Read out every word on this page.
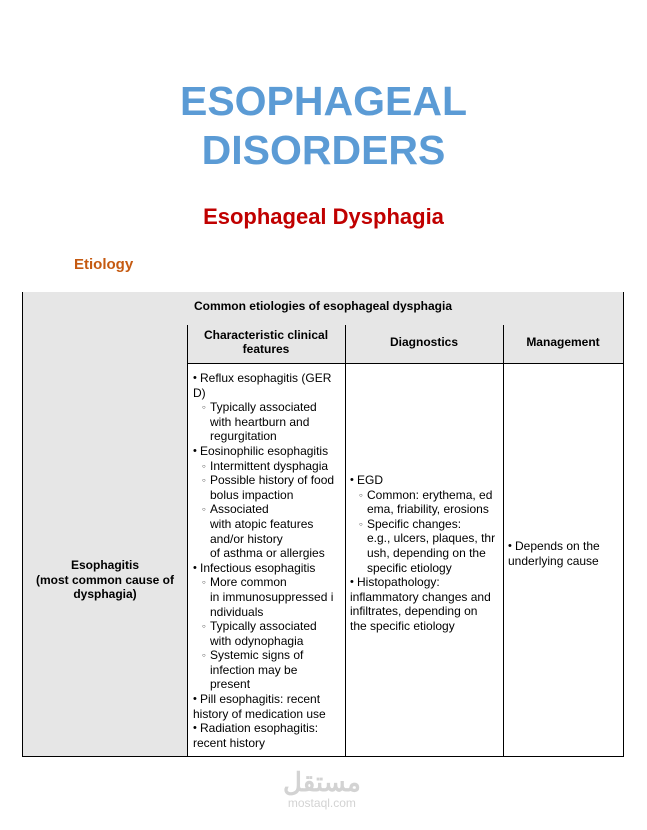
ESOPHAGEAL
DISORDERS
Esophageal Dysphagia
Etiology
Common etiologies of esophageal dysphagia
Esophagitis
(most common cause of
dysphagia)
Characteristic clinical features	Diagnostics	Management
• Reflux esophagitis (GER
D)
○ Typically associated
with heartburn and
regurgitation
• Eosinophilic esophagitis
○ Intermittent dysphagia
○ Possible history of food
bolus impaction
○ Associated
with atopic features
and/or history
of asthma or allergies
• Infectious esophagitis
○ More common
in immunosuppressed i
ndividuals
○ Typically associated
with odynophagia
○ Systemic signs of
infection may be
present
• Pill esophagitis: recent
history of medication use
• Radiation esophagitis:
recent history
• EGD
○ Common: erythema, ed
ema, friability, erosions
○ Specific changes:
e.g., ulcers, plaques, thr
ush, depending on the
specific etiology
• Histopathology:
inflammatory changes and
infiltrates, depending on
the specific etiology
• Depends on the
underlying cause
مستقل
mostaql.com
